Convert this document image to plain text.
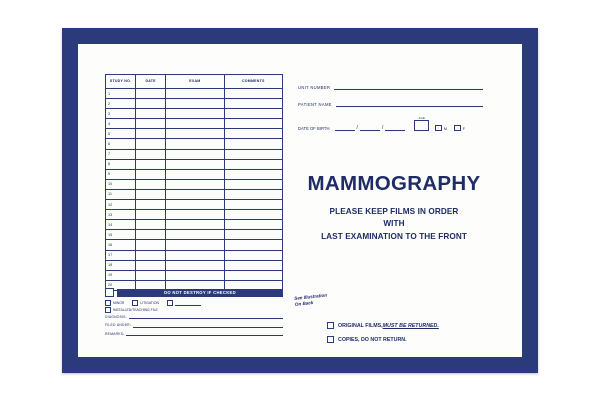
STUDY NO.	DATE	EXAM	COMMENTS
1			
2			
3			
4			
5			
6			
7			
8			
9			
10			
11			
12			
13			
14			
15			
16			
17			
18			
19			
20			
DO NOT DESTROY IF CHECKED
MINOR	LITIGATION
INSTALLED/TEACHING FILE
DIAGNOSIS:
FILED UNDER:
REMARKS:
UNIT NUMBER
PATIENT NAME
DATE OF BIRTH	/	/
AGE
M	F
MAMMOGRAPHY
PLEASE KEEP FILMS IN ORDER
WITH
LAST EXAMINATION TO THE FRONT
See Illustration
On Back
ORIGINAL FILMS, MUST BE RETURNED.
COPIES, DO NOT RETURN.
